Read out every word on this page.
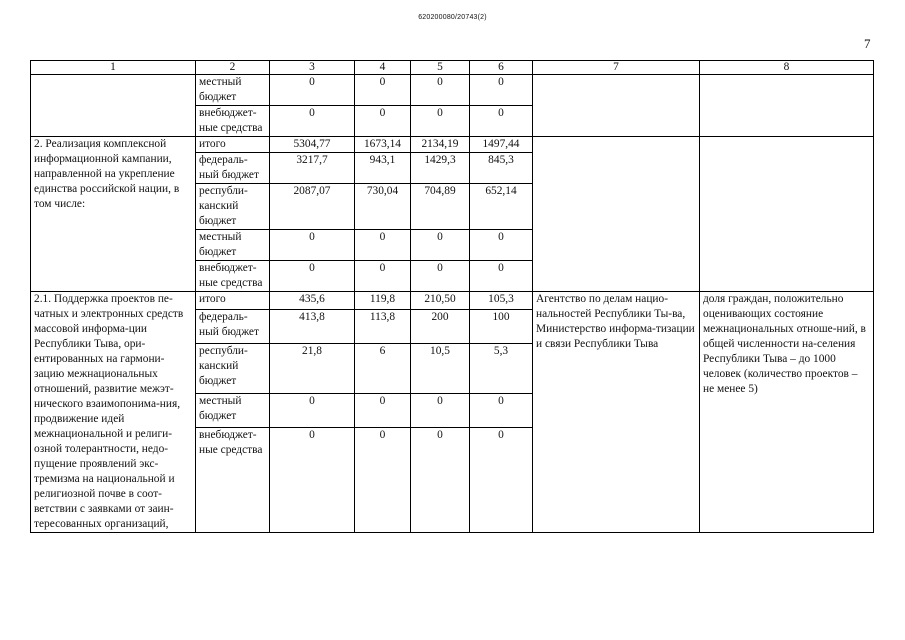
620200080/20743(2)
7
1	2	3	4	5	6	7	8
	местный бюджет	0	0	0	0		
	внебюджет-ные средства	0	0	0	0		
2. Реализация комплексной информационной кампании, направленной на укрепление единства российской нации, в том числе:	итого	5304,77	1673,14	2134,19	1497,44		
	федераль-ный бюджет	3217,7	943,1	1429,3	845,3		
	республи-канский бюджет	2087,07	730,04	704,89	652,14		
	местный бюджет	0	0	0	0		
	внебюджет-ные средства	0	0	0	0		
2.1. Поддержка проектов пе-чатных и электронных средств массовой информа-ции Республики Тыва, ори-ентированных на гармони-зацию межнациональных отношений, развитие межэт-нического взаимопонима-ния, продвижение идей межнациональной и религи-озной толерантности, недо-пущение проявлений экс-тремизма на национальной и религиозной почве в соот-ветствии с заявками от заин-тересованных организаций,	итого	435,6	119,8	210,50	105,3	Агентство по делам нацио-нальностей Республики Ты-ва, Министерство информа-тизации и связи Республики Тыва	доля граждан, положительно оценивающих состояние межнациональных отноше-ний, в общей численности на-селения Республики Тыва – до 1000 человек (количество проектов – не менее 5)
	федераль-ный бюджет	413,8	113,8	200	100		
	республи-канский бюджет	21,8	6	10,5	5,3		
	местный бюджет	0	0	0	0		
	внебюджет-ные средства	0	0	0	0		
